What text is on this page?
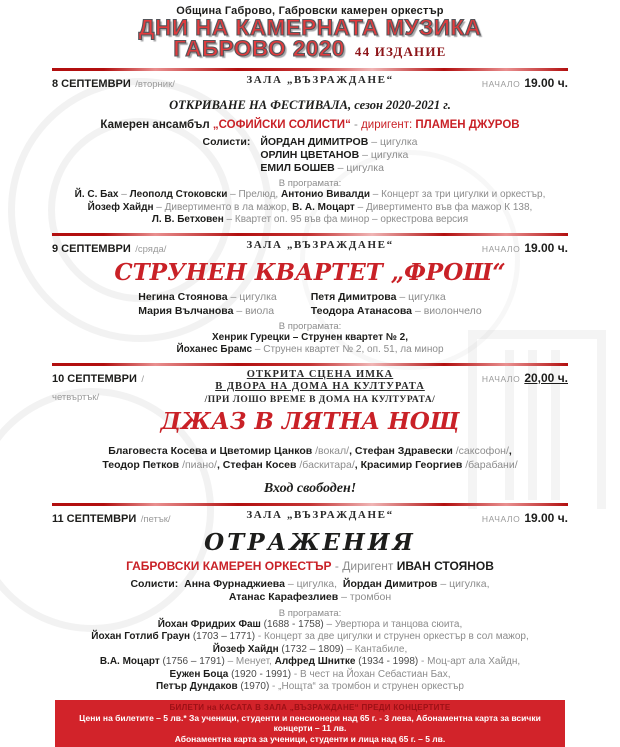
Община Габрово, Габровски камерен оркестър
ДНИ НА КАМЕРНАТА МУЗИКА
ГАБРОВО 2020 44 ИЗДАНИЕ
8 СЕПТЕМВРИ /вторник/	ЗАЛА „ВЪЗРАЖДАНЕ“	НАЧАЛО 19.00 ч.
ОТКРИВАНЕ НА ФЕСТИВАЛА, сезон 2020-2021 г.
Камерен ансамбъл „СОФИЙСКИ СОЛИСТИ“ - диригент: ПЛАМЕН ДЖУРОВ
Солисти: ЙОРДАН ДИМИТРОВ – цигулка
ОРЛИН ЦВЕТАНОВ – цигулка
ЕМИЛ БОШЕВ – цигулка
В програмата:
Й. С. Бах – Леополд Стоковски – Прелюд, Антонио Вивалди – Концерт за три цигулки и оркестър,
Йозеф Хайдн – Дивертименто в ла мажор, В. А. Моцарт – Дивертименто във фа мажор К 138,
Л. В. Бетховен – Квартет оп. 95 във фа минор – оркестрова версия
9 СЕПТЕМВРИ /сряда/	ЗАЛА „ВЪЗРАЖДАНЕ“	НАЧАЛО 19.00 ч.
СТРУНЕН КВАРТЕТ „ФРОШ“
Негина Стоянова – цигулка	Петя Димитрова – цигулка
Мария Вълчанова – виола	Теодора Атанасова – виолончело
В програмата:
Хенрик Гурецки – Струнен квартет № 2,
Йоханес Брамс – Струнен квартет № 2, оп. 51, ла минор
10 СЕПТЕМВРИ /четвъртък/
ОТКРИТА СЦЕНА ИМКА
В ДВОРА НА ДОМА НА КУЛТУРАТА
/ПРИ ЛОШО ВРЕМЕ В ДОМА НА КУЛТУРАТА/
НАЧАЛО 20,00 ч.
ДЖАЗ В ЛЯТНА НОЩ
Благовеста Косева и Цветомир Цанков /вокал/, Стефан Здравески /саксофон/,
Теодор Петков /пиано/, Стефан Косев /баскитара/, Красимир Георгиев /барабани/
Вход свободен!
11 СЕПТЕМВРИ /петък/	ЗАЛА „ВЪЗРАЖДАНЕ“	НАЧАЛО 19.00 ч.
ОТРАЖЕНИЯ
ГАБРОВСКИ КАМЕРЕН ОРКЕСТЪР - Диригент ИВАН СТОЯНОВ
Солисти: Анна Фурнаджиева – цигулка, Йордан Димитров – цигулка,
Атанас Карафезлиев – тромбон
В програмата:
Йохан Фридрих Фаш (1688 - 1758) – Увертюра и танцова сюита,
Йохан Готлиб Граун (1703 – 1771) - Концерт за две цигулки и струнен оркестър в сол мажор,
Йозеф Хайдн (1732 – 1809) – Кантабиле,
В.А. Моцарт (1756 – 1791) – Менует, Алфред Шнитке (1934 - 1998) - Моц-арт ала Хайдн,
Еужен Боца (1920 - 1991) - В чест на Йохан Себастиан Бах,
Петър Дундаков (1970) - „Нощта“ за тромбон и струнен оркестър
БИЛЕТИ на КАСАТА В ЗАЛА „ВЪЗРАЖДАНЕ“ ПРЕДИ КОНЦЕРТИТЕ
Цени на билетите – 5 лв.* За ученици, студенти и пенсионери над 65 г. - 3 лева, Абонаментна карта за всички концерти – 11 лв.
Абонаментна карта за ученици, студенти и лица над 65 г. – 5 лв.
